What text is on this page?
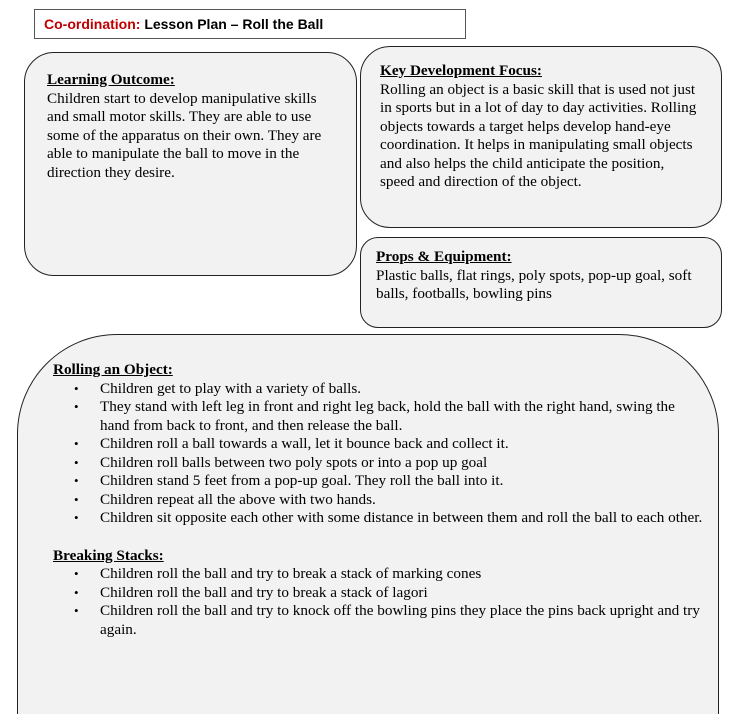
Co-ordination: Lesson Plan – Roll the Ball
Learning Outcome:

Children start to develop manipulative skills and small motor skills. They are able to use some of the apparatus on their own. They are able to manipulate the ball to move in the direction they desire.

Key Development Focus:

Rolling an object is a basic skill that is used not just in sports but in a lot of day to day activities. Rolling objects towards a target helps develop hand-eye coordination. It helps in manipulating small objects and also helps the child anticipate the position, speed and direction of the object.

Props & Equipment:

Plastic balls, flat rings, poly spots, pop-up goal, soft balls, footballs, bowling pins

Rolling an Object:
• Children get to play with a variety of balls.
• They stand with left leg in front and right leg back, hold the ball with the right hand, swing the hand from back to front, and then release the ball.
• Children roll a ball towards a wall, let it bounce back and collect it.
• Children roll balls between two poly spots or into a pop up goal
• Children stand 5 feet from a pop-up goal. They roll the ball into it.
• Children repeat all the above with two hands.
• Children sit opposite each other with some distance in between them and roll the ball to each other.
Breaking Stacks:
• Children roll the ball and try to break a stack of marking cones
• Children roll the ball and try to break a stack of lagori
• Children roll the ball and try to knock off the bowling pins they place the pins back upright and try again.
